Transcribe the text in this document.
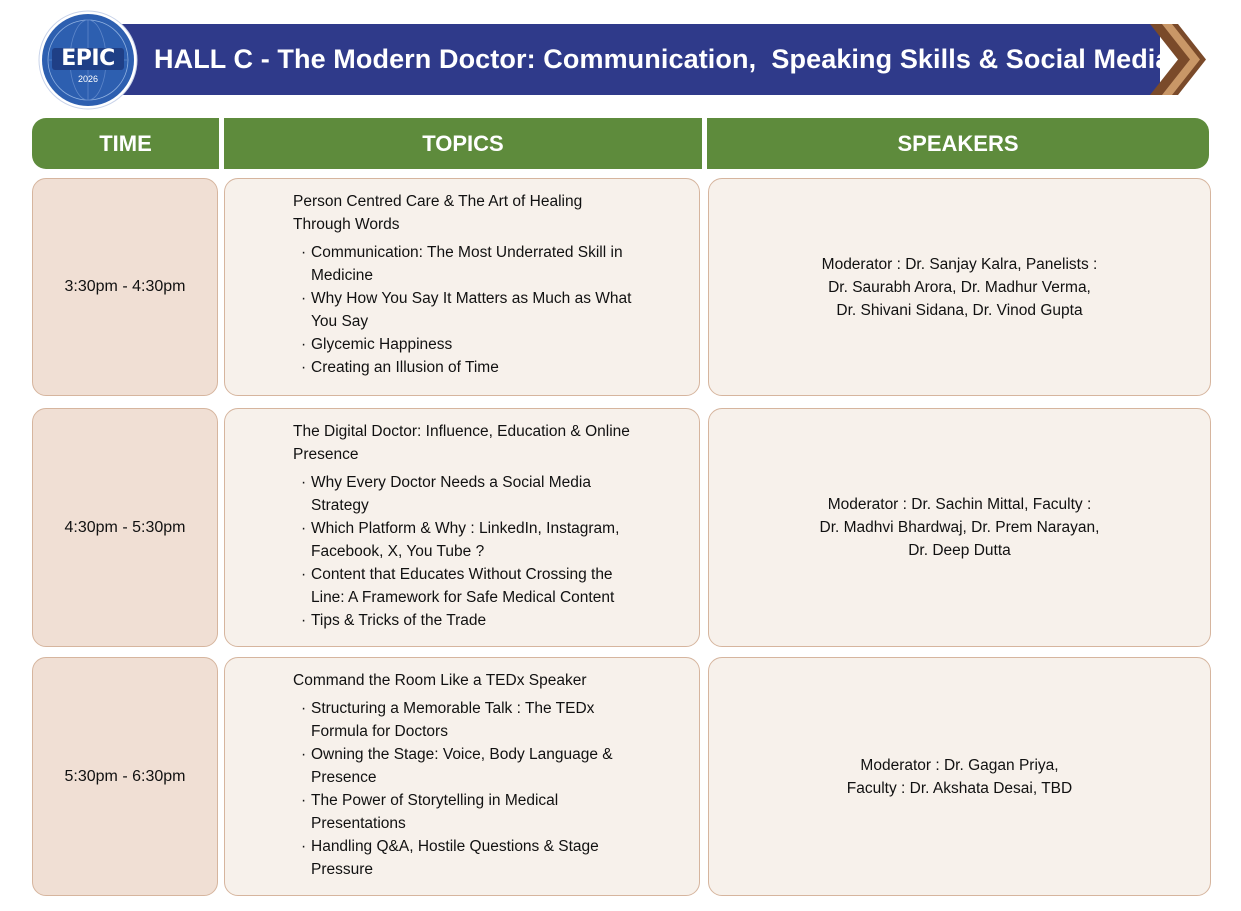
HALL C - The Modern Doctor: Communication,  Speaking Skills & Social Media
EPIC
2026
TIME	TOPICS	SPEAKERS
3:30pm - 4:30pm
Person Centred Care & The Art of Healing Through Words
· Communication: The Most Underrated Skill in Medicine
· Why How You Say It Matters as Much as What You Say
· Glycemic Happiness
· Creating an Illusion of Time
Moderator : Dr. Sanjay Kalra, Panelists :
Dr. Saurabh Arora, Dr. Madhur Verma,
Dr. Shivani Sidana, Dr. Vinod Gupta
4:30pm - 5:30pm
The Digital Doctor: Influence, Education & Online Presence
· Why Every Doctor Needs a Social Media Strategy
· Which Platform & Why : LinkedIn, Instagram, Facebook, X, You Tube ?
· Content that Educates Without Crossing the Line: A Framework for Safe Medical Content
· Tips & Tricks of the Trade
Moderator : Dr. Sachin Mittal, Faculty :
Dr. Madhvi Bhardwaj, Dr. Prem Narayan,
Dr. Deep Dutta
5:30pm - 6:30pm
Command the Room Like a TEDx Speaker
· Structuring a Memorable Talk : The TEDx Formula for Doctors
· Owning the Stage: Voice, Body Language & Presence
· The Power of Storytelling in Medical Presentations
· Handling Q&A, Hostile Questions & Stage Pressure
Moderator : Dr. Gagan Priya,
Faculty : Dr. Akshata Desai, TBD
